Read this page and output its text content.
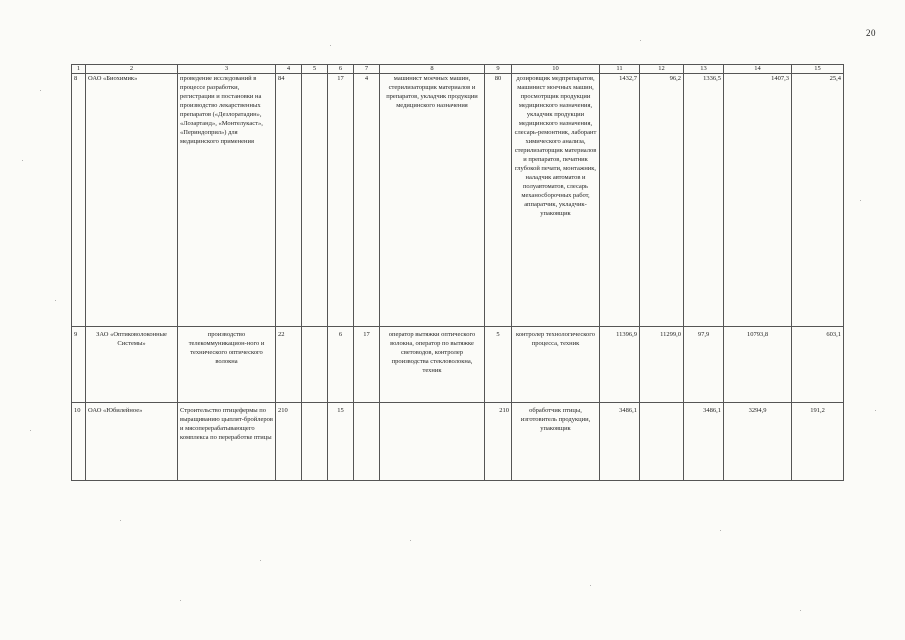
20
1	2	3	4	5	6	7	8	9	10	11	12	13	14	15
8	ОАО «Биохимик»	проведение исследований в процессе разработки, регистрации и постановки на производство лекарственных препаратов («Дезлоратадин», «Лозартанд», «Монтелукаст», «Периндоприл») для медицинского применения	84		17	4	машинист моечных машин, стерилизаторщик материалов и препаратов, укладчик продукции медицинского назначения	80	дозировщик медпрепаратов, машинист моечных машин, просмотрщик продукции медицинского назначения, укладчик продукции медицинского назначения, слесарь-ремонтник, лаборант химического анализа, стерилизаторщик материалов и препаратов, печатник глубокой печати, монтажник, наладчик автоматов и полуавтоматов, слесарь механосборочных работ, аппаратчик, укладчик-упаковщик	1432,7	96,2	1336,5	1407,3	25,4
9	ЗАО «Оптиковолоконные Системы»	производство телекоммуникацион-ного и технического оптического волокна	22		6	17	оператор вытяжки оптического волокна, оператор по вытяжке световодов, контролер производства стекловолокна, техник	5	контролер технологического процесса, техник	11396,9	11299,0	97,9	10793,8	603,1
10	ОАО «Юбилейное»	Строительство птицефермы по выращиванию цыплят-бройлеров и мясоперерабатывающего комплекса по переработке птицы	210		15			210	обработчик птицы, изготовитель продукции, упаковщик	3486,1		3486,1	3294,9	191,2
